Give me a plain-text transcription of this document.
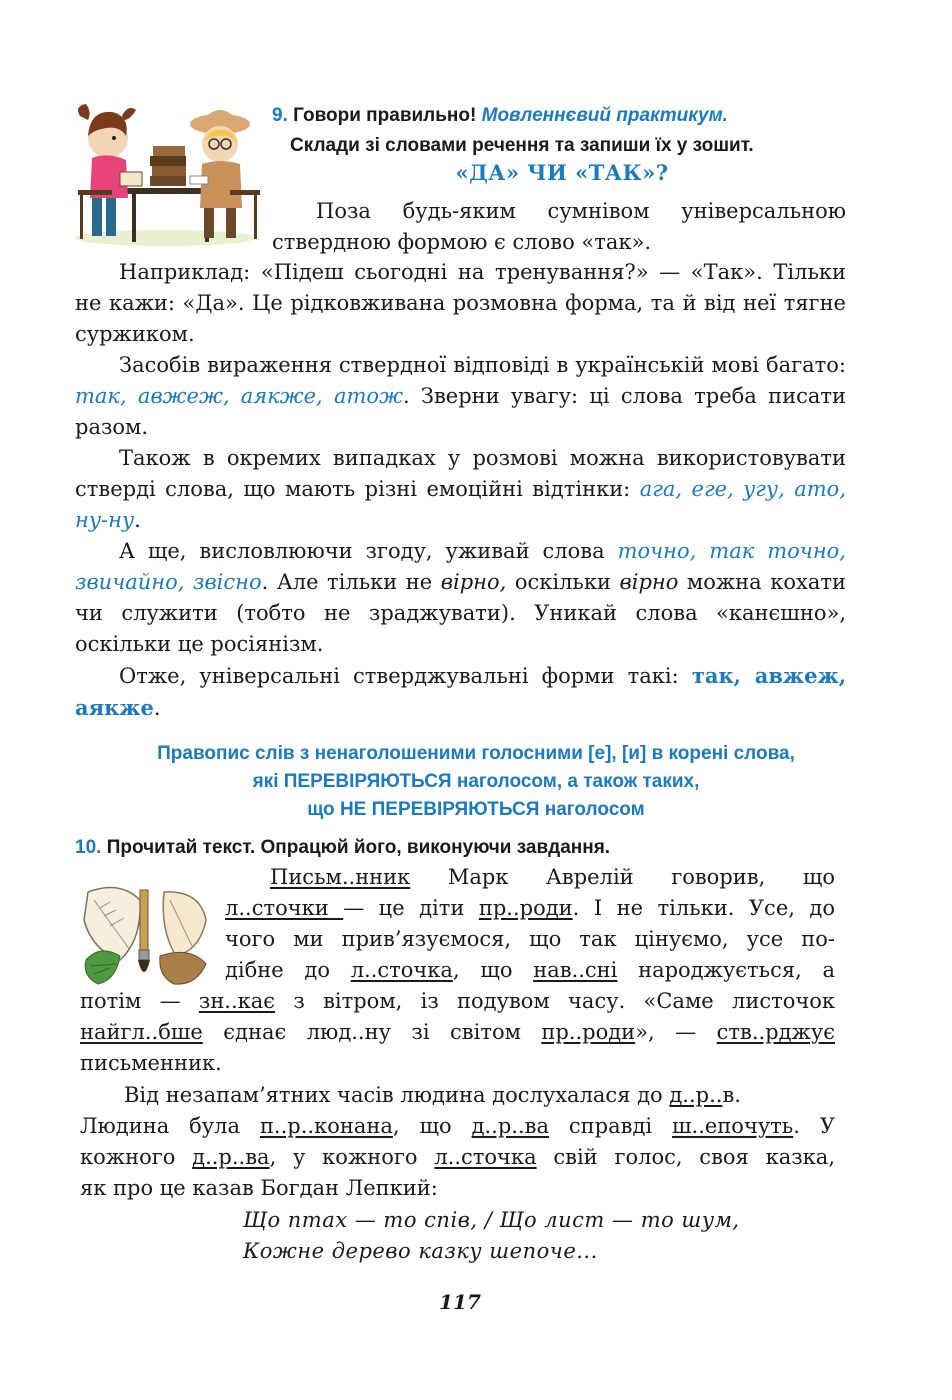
9. Говори правильно! Мовленнєвий практикум.
Склади зі словами речення та запиши їх у зошит.
«ДА» ЧИ «ТАК»?
Поза будь-яким сумнівом універсальною
ствердною формою є слово «так».

Наприклад: «Підеш сьогодні на тренування?» — «Так». Тільки не кажи: «Да». Це рідковживана розмовна форма, та й від неї тягне суржиком.

Засобів вираження ствердної відповіді в українській мові багато: так, авжеж, аякже, атож. Зверни увагу: ці слова треба писати разом.

Також в окремих випадках у розмові можна використовувати стверді слова, що мають різні емоційні відтінки: ага, еге, угу, ато, ну-ну.

А ще, висловлюючи згоду, уживай слова точно, так точно, звичайно, звісно. Але тільки не вірно, оскільки вірно можна кохати чи служити (тобто не зраджувати). Уникай слова «канєшно», оскільки це росіянізм.

Отже, універсальні стверджувальні форми такі: так, авжеж, аякже.

Правопис слів з ненаголошеними голосними [е], [и] в корені слова,
які ПЕРЕВІРЯЮТЬСЯ наголосом, а також таких,
що НЕ ПЕРЕВІРЯЮТЬСЯ наголосом
10. Прочитай текст. Опрацюй його, виконуючи завдання.
Письм..нник Марк Аврелій говорив, що
л..сточки — це діти пр..роди. І не тільки. Усе, до
чого ми прив’язуємося, що так цінуємо, усе по-
дібне до л..сточка, що нав..сні народжується, а
потім — зн..кає з вітром, із подувом часу. «Саме листочок
найгл..бше єднає люд..ну зі світом пр..роди», — ств..рджує
письменник.
Від незапам’ятних часів людина дослухалася до д..р..в.
Людина була п..р..конана, що д..р..ва справді ш..епочуть. У
кожного д..р..ва, у кожного л..сточка свій голос, своя казка,
як про це казав Богдан Лепкий:
Що птах — то спів, / Що лист — то шум,
Кожне дерево казку шепоче...
117
